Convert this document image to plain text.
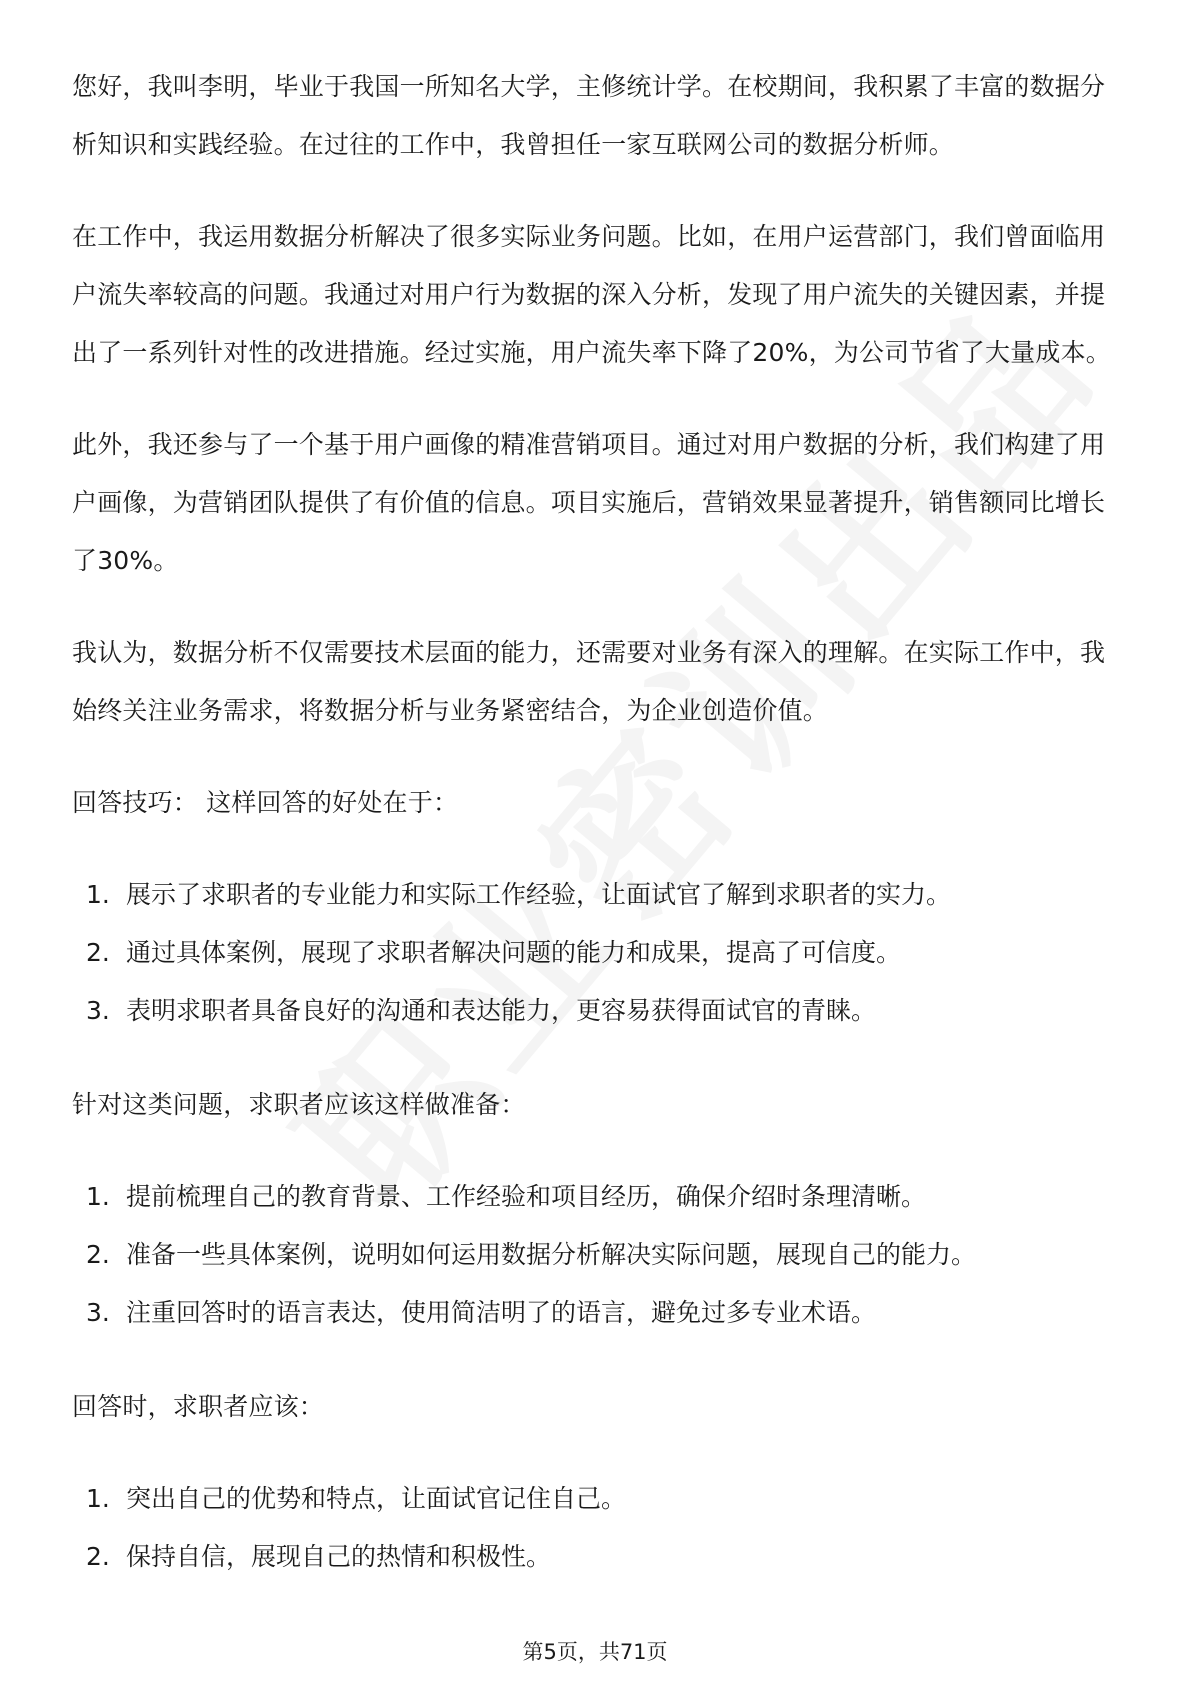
您好，我叫李明，毕业于我国一所知名大学，主修统计学。在校期间，我积累了丰富的数据分析知识和实践经验。在过往的工作中，我曾担任一家互联网公司的数据分析师。

在工作中，我运用数据分析解决了很多实际业务问题。比如，在用户运营部门，我们曾面临用户流失率较高的问题。我通过对用户行为数据的深入分析，发现了用户流失的关键因素，并提出了一系列针对性的改进措施。经过实施，用户流失率下降了20%，为公司节省了大量成本。

此外，我还参与了一个基于用户画像的精准营销项目。通过对用户数据的分析，我们构建了用户画像，为营销团队提供了有价值的信息。项目实施后，营销效果显著提升，销售额同比增长了30%。

我认为，数据分析不仅需要技术层面的能力，还需要对业务有深入的理解。在实际工作中，我始终关注业务需求，将数据分析与业务紧密结合，为企业创造价值。

回答技巧： 这样回答的好处在于：

1. 展示了求职者的专业能力和实际工作经验，让面试官了解到求职者的实力。
2. 通过具体案例，展现了求职者解决问题的能力和成果，提高了可信度。
3. 表明求职者具备良好的沟通和表达能力，更容易获得面试官的青睐。

针对这类问题，求职者应该这样做准备：

1. 提前梳理自己的教育背景、工作经验和项目经历，确保介绍时条理清晰。
2. 准备一些具体案例，说明如何运用数据分析解决实际问题，展现自己的能力。
3. 注重回答时的语言表达，使用简洁明了的语言，避免过多专业术语。

回答时，求职者应该：

1. 突出自己的优势和特点，让面试官记住自己。
2. 保持自信，展现自己的热情和积极性。
第5页，共71页
